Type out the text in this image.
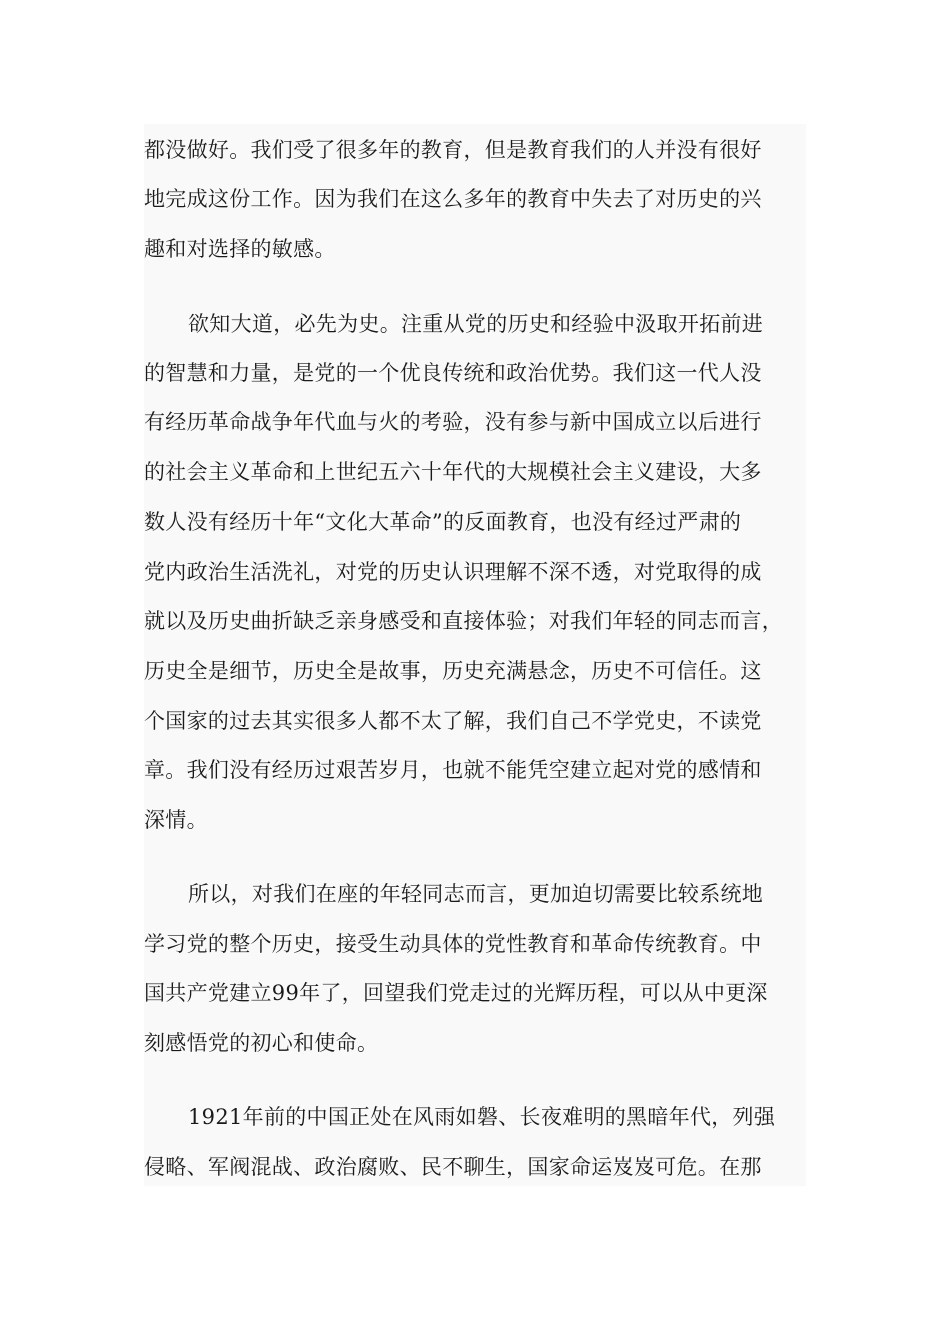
都没做好。我们受了很多年的教育，但是教育我们的人并没有很好
地完成这份工作。因为我们在这么多年的教育中失去了对历史的兴
趣和对选择的敏感。
欲知大道，必先为史。注重从党的历史和经验中汲取开拓前进
的智慧和力量，是党的一个优良传统和政治优势。我们这一代人没
有经历革命战争年代血与火的考验，没有参与新中国成立以后进行
的社会主义革命和上世纪五六十年代的大规模社会主义建设，大多
数人没有经历十年“文化大革命”的反面教育，也没有经过严肃的
党内政治生活洗礼，对党的历史认识理解不深不透，对党取得的成
就以及历史曲折缺乏亲身感受和直接体验；对我们年轻的同志而言，
历史全是细节，历史全是故事，历史充满悬念，历史不可信任。这
个国家的过去其实很多人都不太了解，我们自己不学党史，不读党
章。我们没有经历过艰苦岁月，也就不能凭空建立起对党的感情和
深情。
所以，对我们在座的年轻同志而言，更加迫切需要比较系统地
学习党的整个历史，接受生动具体的党性教育和革命传统教育。中
国共产党建立99年了，回望我们党走过的光辉历程，可以从中更深
刻感悟党的初心和使命。
1921年前的中国正处在风雨如磐、长夜难明的黑暗年代，列强
侵略、军阀混战、政治腐败、民不聊生，国家命运岌岌可危。在那
